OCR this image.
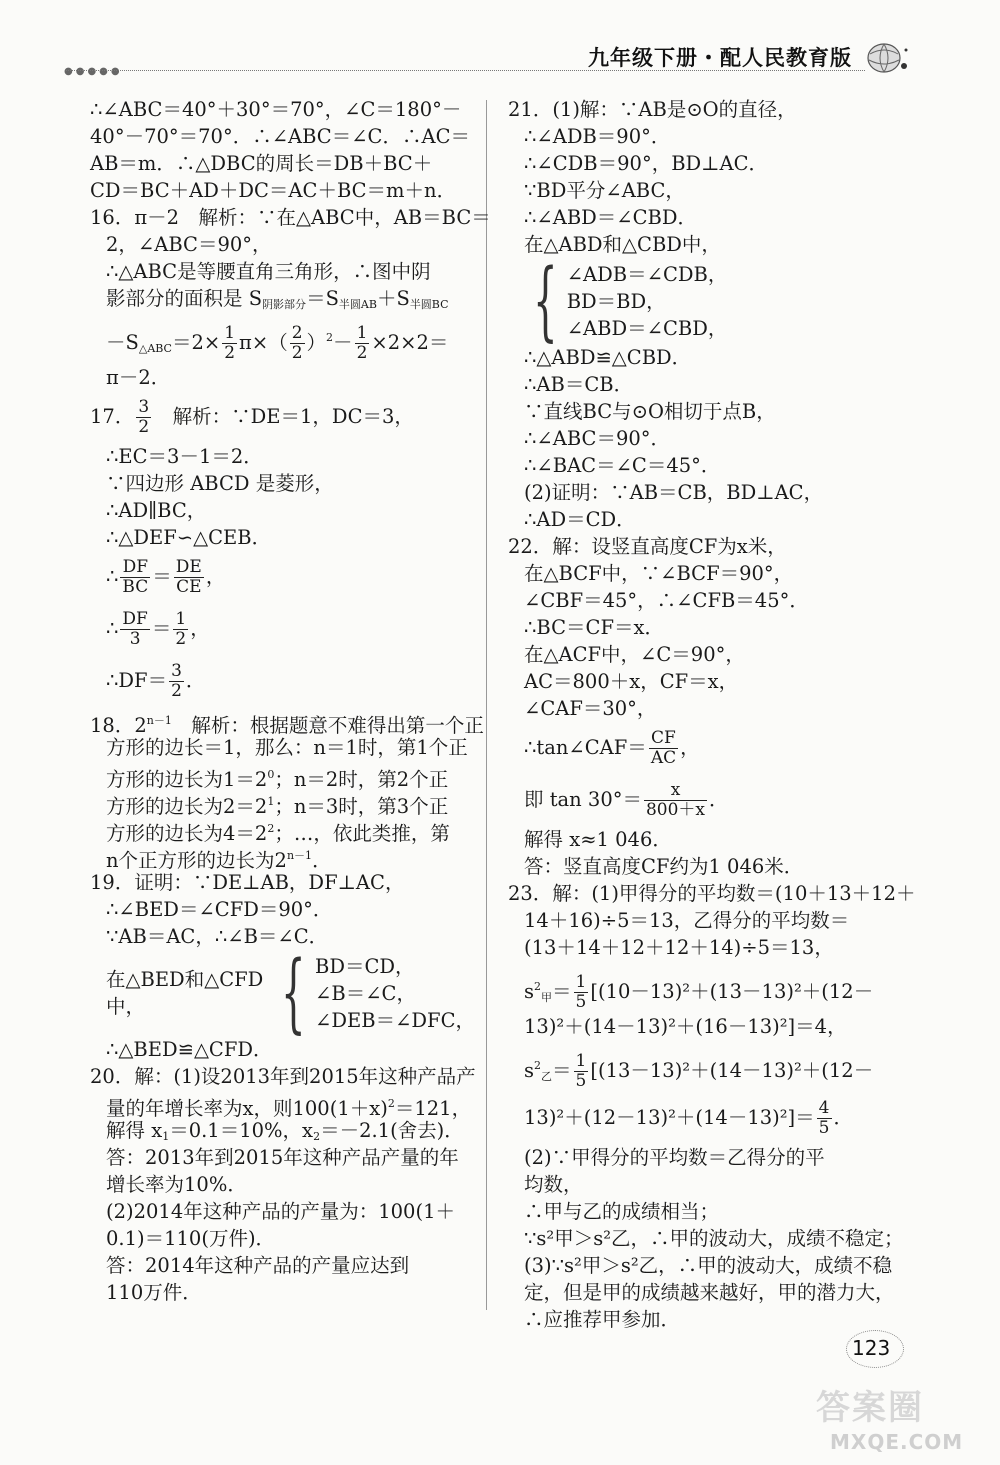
●●●●●
九年级下册・配人民教育版
∴∠ABC＝40°＋30°＝70°，∠C＝180°－
40°－70°＝70°．∴∠ABC＝∠C．∴AC＝
AB＝m．∴△DBC的周长＝DB＋BC＋
CD＝BC＋AD＋DC＝AC＋BC＝m＋n．
16．π－2　解析：∵在△ABC中，AB＝BC＝
2，∠ABC＝90°，
∴△ABC是等腰直角三角形，∴图中阴
影部分的面积是 $S_{阴影部分}=S_{半圆AB}+S_{半圆BC}$
$-S_{\triangle ABC}=2\times \frac{1}{2} \pi\times( \frac{2}{2} )^2- \frac{1}{2} \times 2\times 2=$
π－2．
17． $\frac{3}{2}$ 　解析：∵DE＝1，DC＝3，
∴EC＝3－1＝2．
∵四边形 ABCD 是菱形，
∴AD∥BC，
∴△DEF∽△CEB．
∴ $\frac{DF}{BC} = \frac{DE}{CE}$ ，
∴ $\frac{DF}{3} = \frac{1}{2}$ ，
∴DF＝ $\frac{3}{2}$ ．
18．$2^{n-1}$　解析：根据题意不难得出第一个正
方形的边长＝1，那么：n＝1时，第1个正
方形的边长为$1=2^0$；n＝2时，第2个正
方形的边长为$2=2^1$；n＝3时，第3个正
方形的边长为$4=2^2$；…，依此类推，第
n个正方形的边长为$2^{n-1}$．
19．证明：∵DE⊥AB，DF⊥AC，
∴∠BED＝∠CFD＝90°．
∵AB＝AC，∴∠B＝∠C．
在△BED和△CFD中，	{ BD＝CD，
∠B＝∠C，
∠DEB＝∠DFC，
∴△BED≌△CFD．
20．解：(1)设2013年到2015年这种产品产
量的年增长率为x，则$100(1+x)^2=121$，
解得 $x_1=0.1=10\%$，$x_2=-2.1$(舍去)．
答：2013年到2015年这种产品产量的年
增长率为10%．
(2)2014年这种产品的产量为：100(1＋
0.1)＝110(万件)．
答：2014年这种产品的产量应达到
110万件．
21．(1)解：∵AB是⊙O的直径，
∴∠ADB＝90°．
∴∠CDB＝90°，BD⊥AC．
∵BD平分∠ABC，
∴∠ABD＝∠CBD．
在△ABD和△CBD中，
{ ∠ADB＝∠CDB，
BD＝BD，
∠ABD＝∠CBD，
∴△ABD≌△CBD．
∴AB＝CB．
∵直线BC与⊙O相切于点B，
∴∠ABC＝90°．
∴∠BAC＝∠C＝45°．
(2)证明：∵AB＝CB，BD⊥AC，
∴AD＝CD．
22．解：设竖直高度CF为x米，
在△BCF中，∵∠BCF＝90°，
∠CBF＝45°，∴∠CFB＝45°．
∴BC＝CF＝x．
在△ACF中，∠C＝90°，
AC＝800＋x，CF＝x，
∠CAF＝30°，
∴tan∠CAF＝ $\frac{CF}{AC}$ ，
即 $\tan 30^\circ= \frac{x}{800+x}$ ．
解得 x≈1 046．
答：竖直高度CF约为1 046米．
23．解：(1)甲得分的平均数＝(10＋13＋12＋
14＋16)÷5＝13，乙得分的平均数＝
(13＋14＋12＋12＋14)÷5＝13，
$s^2_甲= \frac{1}{5} [(10-13)^2+(13-13)^2+(12-$
13)²＋(14－13)²＋(16－13)²]＝4，
$s^2_乙= \frac{1}{5} [(13-13)^2+(14-13)^2+(12-$
$13)^2+(12-13)^2+(14-13)^2]= \frac{4}{5}$ ．
(2)∵甲得分的平均数＝乙得分的平
均数，
∴甲与乙的成绩相当；
∵s²甲＞s²乙，∴甲的波动大，成绩不稳定；
(3)∵s²甲＞s²乙，∴甲的波动大，成绩不稳
定，但是甲的成绩越来越好，甲的潜力大，
∴应推荐甲参加．
123
答案圈
MXQE.COM
